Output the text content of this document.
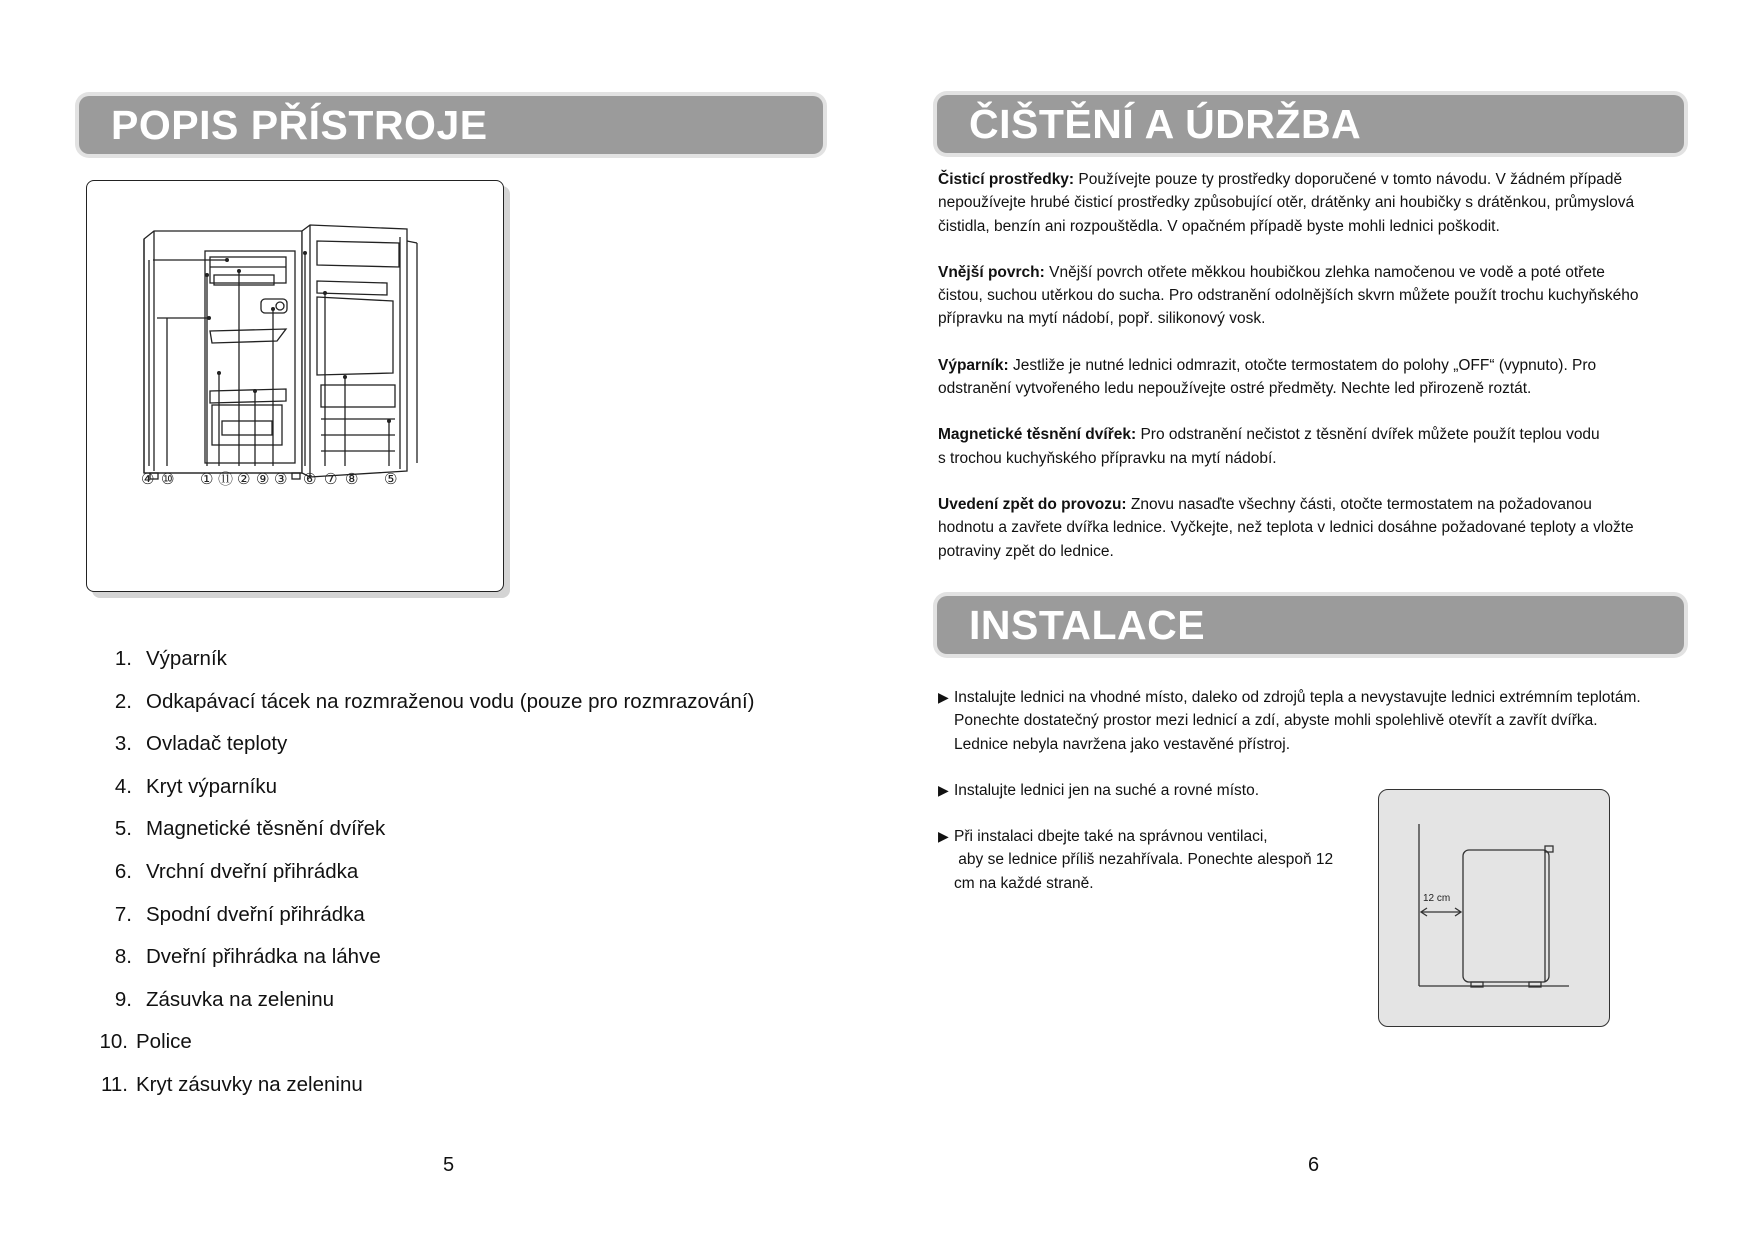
POPIS PŘÍSTROJE
④ ⑩ ① ⑪ ② ⑨ ③ ⑥ ⑦ ⑧ ⑤
1. Výparník
2. Odkapávací tácek na rozmraženou vodu (pouze pro rozmrazování)
3. Ovladač teploty
4. Kryt výparníku
5. Magnetické těsnění dvířek
6. Vrchní dveřní přihrádka
7. Spodní dveřní přihrádka
8. Dveřní přihrádka na láhve
9. Zásuvka na zeleninu
10. Police
11. Kryt zásuvky na zeleninu
5
ČIŠTĚNÍ A ÚDRŽBA

Čisticí prostředky: Používejte pouze ty prostředky doporučené v tomto návodu. V žádném případě
nepoužívejte hrubé čisticí prostředky způsobující otěr, drátěnky ani houbičky s drátěnkou, průmyslová
čistidla, benzín ani rozpouštědla. V opačném případě byste mohli lednici poškodit.

Vnější povrch: Vnější povrch otřete měkkou houbičkou zlehka namočenou ve vodě a poté otřete
čistou, suchou utěrkou do sucha. Pro odstranění odolnějších skvrn můžete použít trochu kuchyňského
přípravku na mytí nádobí, popř. silikonový vosk.

Výparník: Jestliže je nutné lednici odmrazit, otočte termostatem do polohy „OFF“ (vypnuto). Pro
odstranění vytvořeného ledu nepoužívejte ostré předměty. Nechte led přirozeně roztát.

Magnetické těsnění dvířek: Pro odstranění nečistot z těsnění dvířek můžete použít teplou vodu
s trochou kuchyňského přípravku na mytí nádobí.

Uvedení zpět do provozu: Znovu nasaďte všechny části, otočte termostatem na požadovanou
hodnotu a zavřete dvířka lednice. Vyčkejte, než teplota v lednici dosáhne požadované teploty a vložte
potraviny zpět do lednice.

INSTALACE
▶ Instalujte lednici na vhodné místo, daleko od zdrojů tepla a nevystavujte lednici extrémním teplotám.
Ponechte dostatečný prostor mezi lednicí a zdí, abyste mohli spolehlivě otevřít a zavřít dvířka.
Lednice nebyla navržena jako vestavěné přístroj.
▶ Instalujte lednici jen na suché a rovné místo.
▶ Při instalaci dbejte také na správnou ventilaci,
aby se lednice příliš nezahřívala. Ponechte alespoň 12
cm na každé straně.
12 cm
6
